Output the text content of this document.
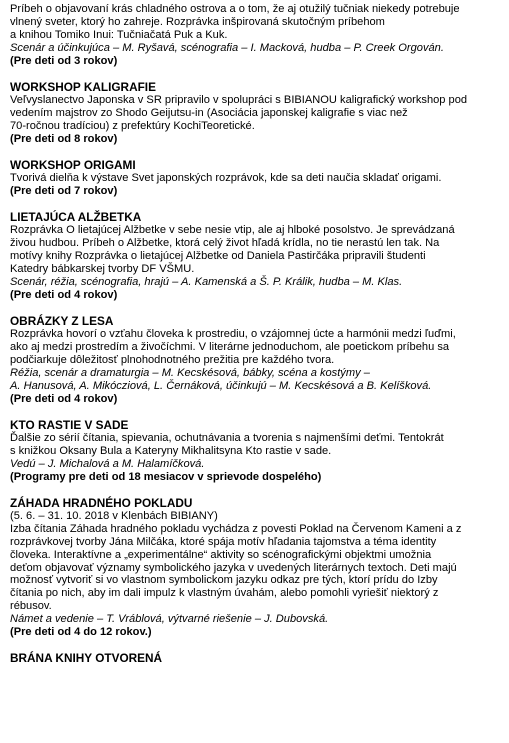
Príbeh o objavovaní krás chladného ostrova a o tom, že aj otužilý tučniak niekedy potrebuje
vlnený sveter, ktorý ho zahreje. Rozprávka inšpirovaná skutočným príbehom
a knihou Tomiko Inui: Tučniačatá Puk a Kuk.
Scenár a účinkujúca – M. Ryšavá, scénografia – I. Macková, hudba – P. Creek Orgován.
(Pre deti od 3 rokov)
WORKSHOP KALIGRAFIE
Veľvyslanectvo Japonska v SR pripravilo v spolupráci s BIBIANOU kaligrafický workshop pod
vedením majstrov zo Shodo Geijutsu-in (Asociácia japonskej kaligrafie s viac než
70-ročnou tradíciou) z prefektúry KochiTeoretické.
(Pre deti od 8 rokov)
WORKSHOP ORIGAMI
Tvorivá dielňa k výstave Svet japonských rozprávok, kde sa deti naučia skladať origami.
(Pre deti od 7 rokov)
LIETAJÚCA ALŽBETKA
Rozprávka O lietajúcej Alžbetke v sebe nesie vtip, ale aj hlboké posolstvo. Je sprevádzaná
živou hudbou. Príbeh o Alžbetke, ktorá celý život hľadá krídla, no tie nerastú len tak. Na
motívy knihy Rozprávka o lietajúcej Alžbetke od Daniela Pastirčáka pripravili študenti
Katedry bábkarskej tvorby DF VŠMU.
Scenár, réžia, scénografia, hrajú – A. Kamenská a Š. P. Králik, hudba – M. Klas.
(Pre deti od 4 rokov)
OBRÁZKY Z LESA
Rozprávka hovorí o vzťahu človeka k prostrediu, o vzájomnej úcte a harmónii medzi ľuďmi,
ako aj medzi prostredím a živočíchmi. V literárne jednoduchom, ale poetickom príbehu sa
podčiarkuje dôležitosť plnohodnotného prežitia pre každého tvora.
Réžia, scenár a dramaturgia – M. Kecskésová, bábky, scéna a kostýmy –
A. Hanusová, A. Mikócziová, L. Černáková, účinkujú – M. Kecskésová a B. Kelíšková.
(Pre deti od 4 rokov)
KTO RASTIE V SADE
Ďalšie zo sérií čítania, spievania, ochutnávania a tvorenia s najmenšími deťmi. Tentokrát
s knižkou Oksany Bula a Kateryny Mikhalitsyna Kto rastie v sade.
Vedú – J. Michalová a M. Halamíčková.
(Programy pre deti od 18 mesiacov v sprievode dospelého)
ZÁHADA HRADNÉHO POKLADU
(5. 6. – 31. 10. 2018 v Klenbách BIBIANY)
Izba čítania Záhada hradného pokladu vychádza z povesti Poklad na Červenom Kameni a z
rozprávkovej tvorby Jána Milčáka, ktoré spája motív hľadania tajomstva a téma identity
človeka. Interaktívne a „experimentálne“ aktivity so scénografickými objektmi umožnia
deťom objavovať významy symbolického jazyka v uvedených literárnych textoch. Deti majú
možnosť vytvoriť si vo vlastnom symbolickom jazyku odkaz pre tých, ktorí prídu do Izby
čítania po nich, aby im dali impulz k vlastným úvahám, alebo pomohli vyriešiť niektorý z
rébusov.
Námet a vedenie – T. Vráblová, výtvarné riešenie – J. Dubovská.
(Pre deti od 4 do 12 rokov.)
BRÁNA KNIHY OTVORENÁ
